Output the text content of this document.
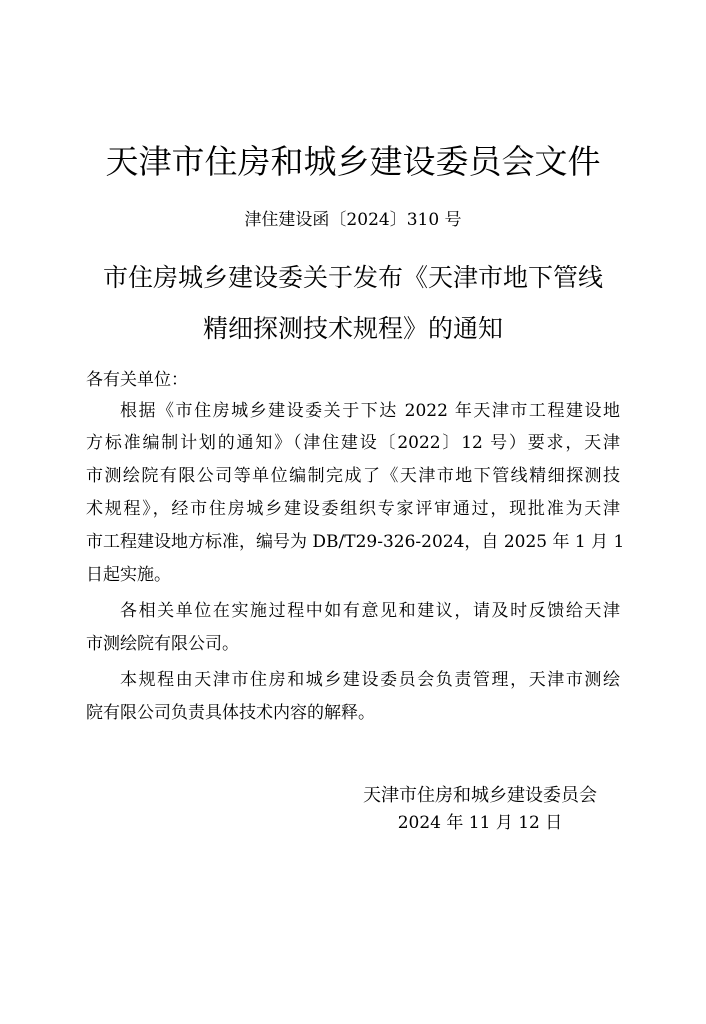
天津市住房和城乡建设委员会文件
津住建设函〔2024〕310 号
市住房城乡建设委关于发布《天津市地下管线
精细探测技术规程》的通知
各有关单位：
根据《市住房城乡建设委关于下达 2022 年天津市工程建设地
方标准编制计划的通知》（津住建设〔2022〕12 号）要求，天津
市测绘院有限公司等单位编制完成了《天津市地下管线精细探测技
术规程》，经市住房城乡建设委组织专家评审通过，现批准为天津
市工程建设地方标准，编号为 DB/T29-326-2024，自 2025 年 1 月 1
日起实施。
各相关单位在实施过程中如有意见和建议，请及时反馈给天津
市测绘院有限公司。
本规程由天津市住房和城乡建设委员会负责管理，天津市测绘
院有限公司负责具体技术内容的解释。
天津市住房和城乡建设委员会
2024 年 11 月 12 日
